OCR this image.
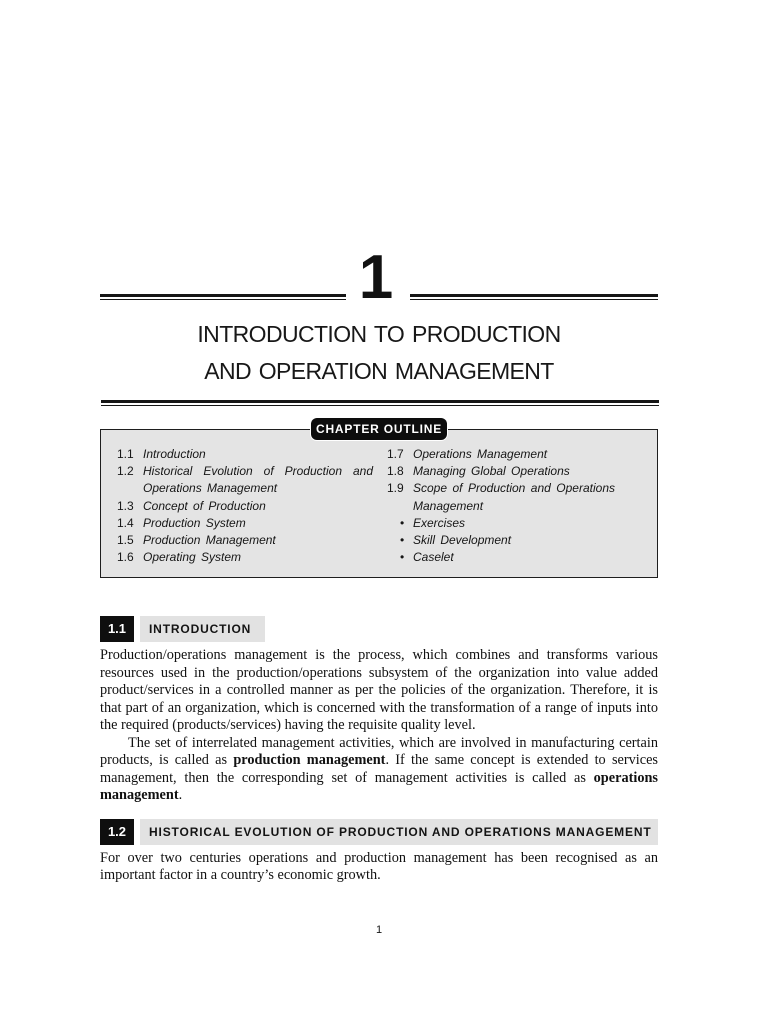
1
INTRODUCTION TO PRODUCTION
AND OPERATION MANAGEMENT
CHAPTER OUTLINE
1.1 Introduction
1.2 Historical Evolution of Production and
Operations Management
1.3 Concept of Production
1.4 Production System
1.5 Production Management
1.6 Operating System
1.7 Operations Management
1.8 Managing Global Operations
1.9 Scope of Production and Operations
Management
• Exercises
• Skill Development
• Caselet
1.1	INTRODUCTION
Production/operations management is the process, which combines and transforms various
resources used in the production/operations subsystem of the organization into value added
product/services in a controlled manner as per the policies of the organization. Therefore, it is
that part of an organization, which is concerned with the transformation of a range of inputs into
the required (products/services) having the requisite quality level.
The set of interrelated management activities, which are involved in manufacturing certain
products, is called as production management. If the same concept is extended to services
management, then the corresponding set of management activities is called as operations
management.
1.2	HISTORICAL EVOLUTION OF PRODUCTION AND OPERATIONS MANAGEMENT
For over two centuries operations and production management has been recognised as an
important factor in a country’s economic growth.
1
